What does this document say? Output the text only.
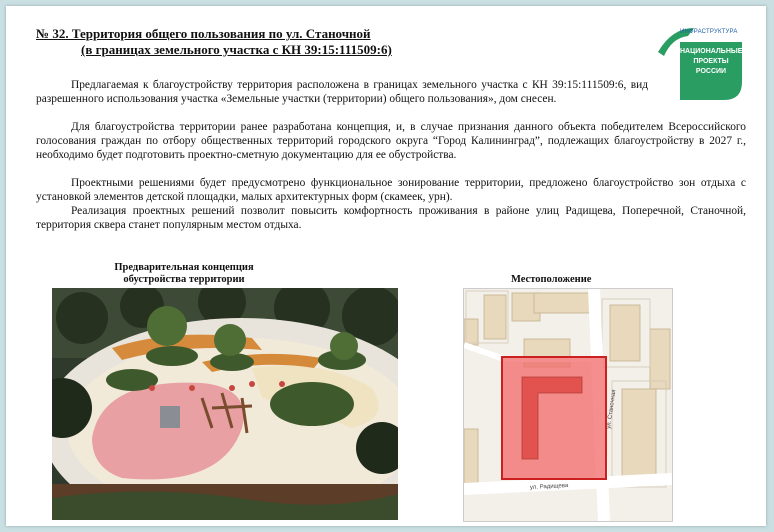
№ 32. Территория общего пользования по ул. Станочной
(в границах земельного участка с КН 39:15:111509:6)
ИНФРАСТРУКТУРА
НАЦИОНАЛЬНЫЕ
ПРОЕКТЫ
РОССИИ

Предлагаемая к благоустройству территория расположена в границах земельного участка с КН 39:15:111509:6, вид разрешенного использования участка «Земельные участки (территории) общего пользования», дом снесен.

Для благоустройства территории ранее разработана концепция, и, в случае признания данного объекта победителем Всероссийского голосования граждан по отбору общественных территорий городского округа “Город Калининград”, подлежащих благоустройству в 2027 г., необходимо будет подготовить проектно-сметную документацию для ее обустройства.

Проектными решениями будет предусмотрено функциональное зонирование территории, предложено благоустройство зон отдыха с установкой элементов детской площадки, малых архитектурных форм (скамеек, урн).

Реализация проектных решений позволит повысить комфортность проживания в районе улиц Радищева, Поперечной, Станочной, территория сквера станет популярным местом отдыха.

Предварительная концепция
обустройства территории	Местоположение
ул. Станочная
ул. Радищева
